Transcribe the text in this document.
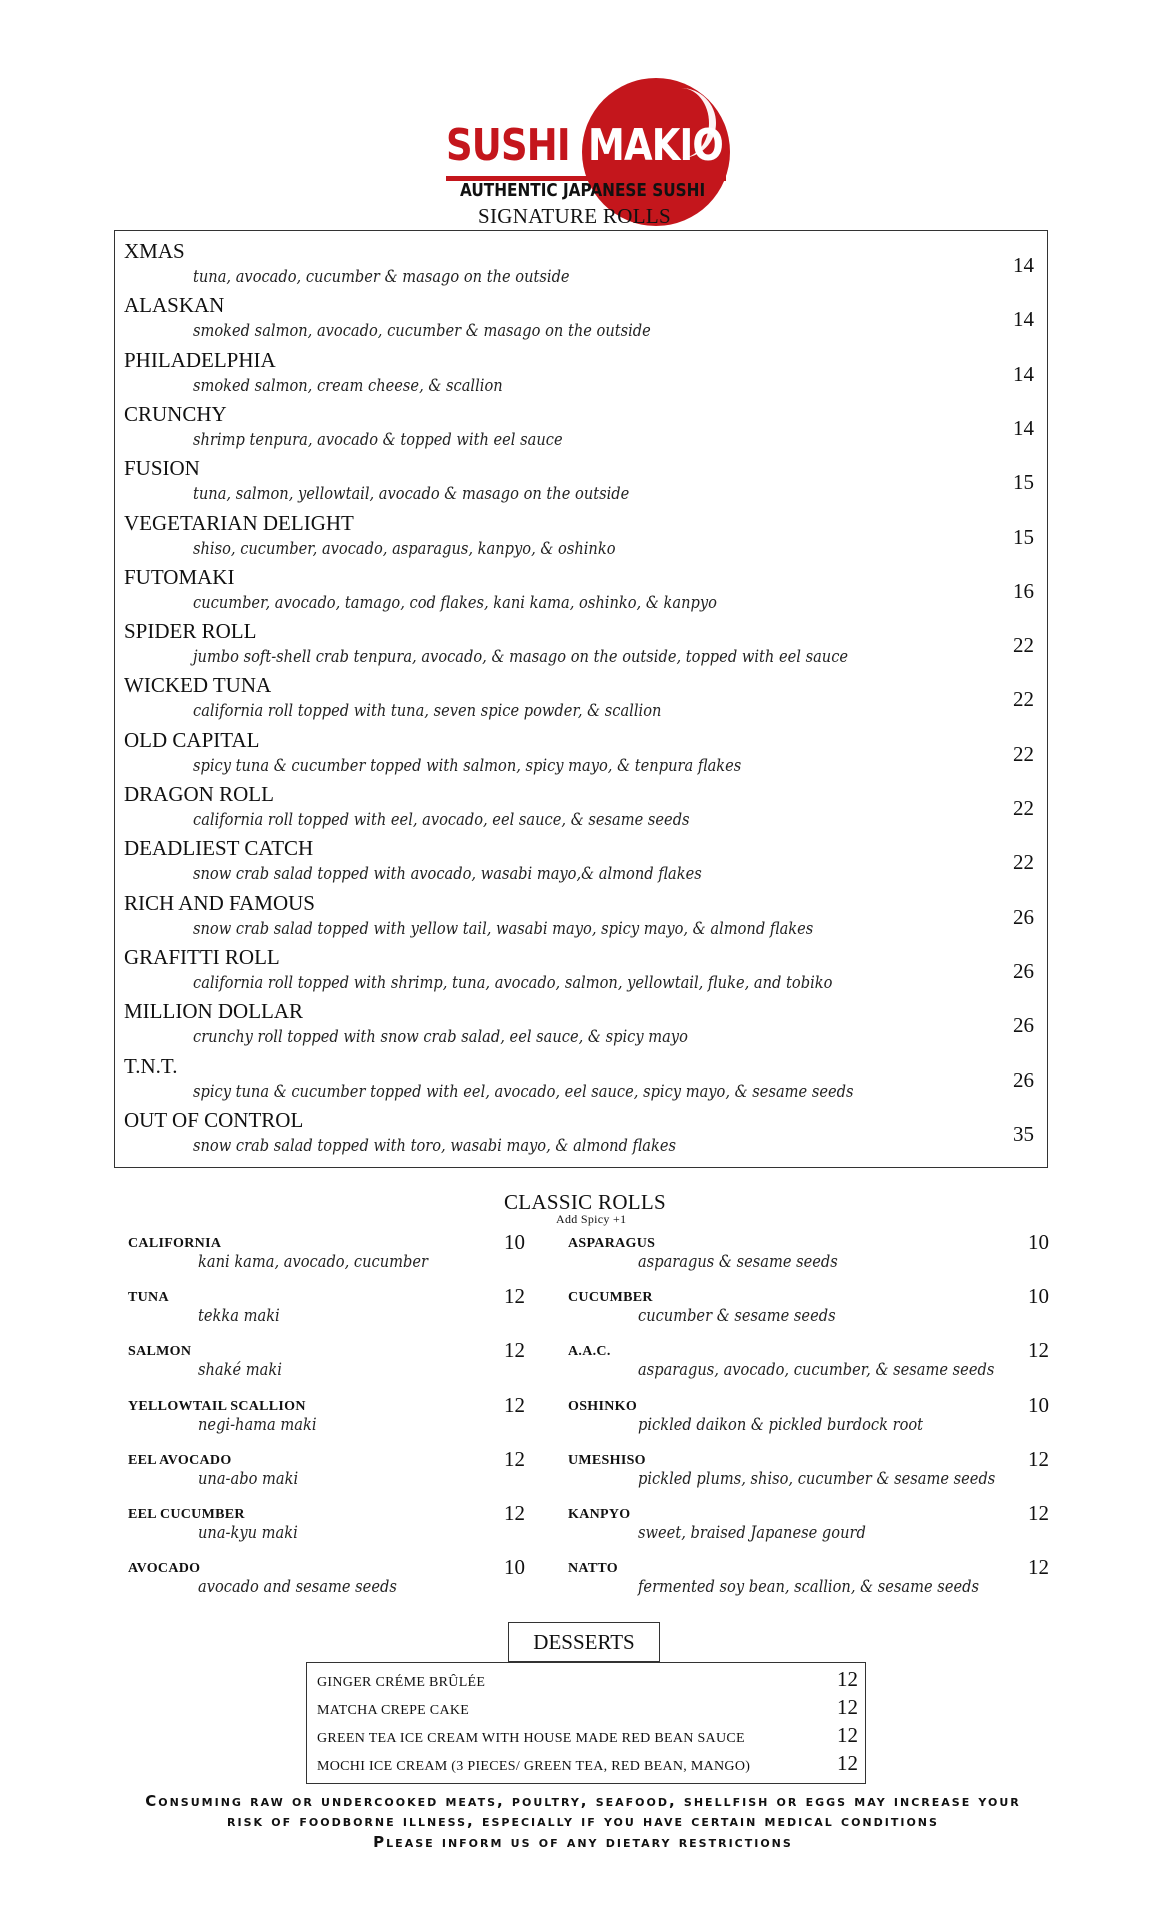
SUSHI MAKIO
AUTHENTIC JAPANESE SUSHI
SIGNATURE ROLLS
XMAS
tuna, avocado, cucumber & masago on the outside	14
ALASKAN
smoked salmon, avocado, cucumber & masago on the outside	14
PHILADELPHIA
smoked salmon, cream cheese, & scallion	14
CRUNCHY
shrimp tenpura, avocado & topped with eel sauce	14
FUSION
tuna, salmon, yellowtail, avocado & masago on the outside	15
VEGETARIAN DELIGHT
shiso, cucumber, avocado, asparagus, kanpyo, & oshinko	15
FUTOMAKI
cucumber, avocado, tamago, cod flakes, kani kama, oshinko, & kanpyo	16
SPIDER ROLL
jumbo soft-shell crab tenpura, avocado, & masago on the outside, topped with eel sauce	22
WICKED TUNA
california roll topped with tuna, seven spice powder, & scallion	22
OLD CAPITAL
spicy tuna & cucumber topped with salmon, spicy mayo, & tenpura flakes	22
DRAGON ROLL
california roll topped with eel, avocado, eel sauce, & sesame seeds	22
DEADLIEST CATCH
snow crab salad topped with avocado, wasabi mayo,& almond flakes	22
RICH AND FAMOUS
snow crab salad topped with yellow tail, wasabi mayo, spicy mayo, & almond flakes	26
GRAFITTI ROLL
california roll topped with shrimp, tuna, avocado, salmon, yellowtail, fluke, and tobiko	26
MILLION DOLLAR
crunchy roll topped with snow crab salad, eel sauce, & spicy mayo	26
T.N.T.
spicy tuna & cucumber topped with eel, avocado, eel sauce, spicy mayo, & sesame seeds	26
OUT OF CONTROL
snow crab salad topped with toro, wasabi mayo, & almond flakes	35
CLASSIC ROLLS
Add Spicy +1
CALIFORNIA
kani kama, avocado, cucumber
10
TUNA
tekka maki
12
SALMON
shaké maki
12
YELLOWTAIL SCALLION
negi-hama maki
12
EEL AVOCADO
una-abo maki
12
EEL CUCUMBER
una-kyu maki
12
AVOCADO
avocado and sesame seeds
10
ASPARAGUS
asparagus & sesame seeds
10
CUCUMBER
cucumber & sesame seeds
10
A.A.C.
asparagus, avocado, cucumber, & sesame seeds
12
OSHINKO
pickled daikon & pickled burdock root
10
UMESHISO
pickled plums, shiso, cucumber & sesame seeds
12
KANPYO
sweet, braised Japanese gourd
12
NATTO
fermented soy bean, scallion, & sesame seeds
12
DESSERTS
GINGER CRÉME BRÛLÉE	12
MATCHA CREPE CAKE	12
GREEN TEA ICE CREAM WITH HOUSE MADE RED BEAN SAUCE	12
MOCHI ICE CREAM (3 PIECES/ GREEN TEA, RED BEAN, MANGO)	12
Consuming raw or undercooked meats, poultry, seafood, shellfish or eggs may increase your
risk of foodborne illness, especially if you have certain medical conditions
Please inform us of any dietary restrictions
